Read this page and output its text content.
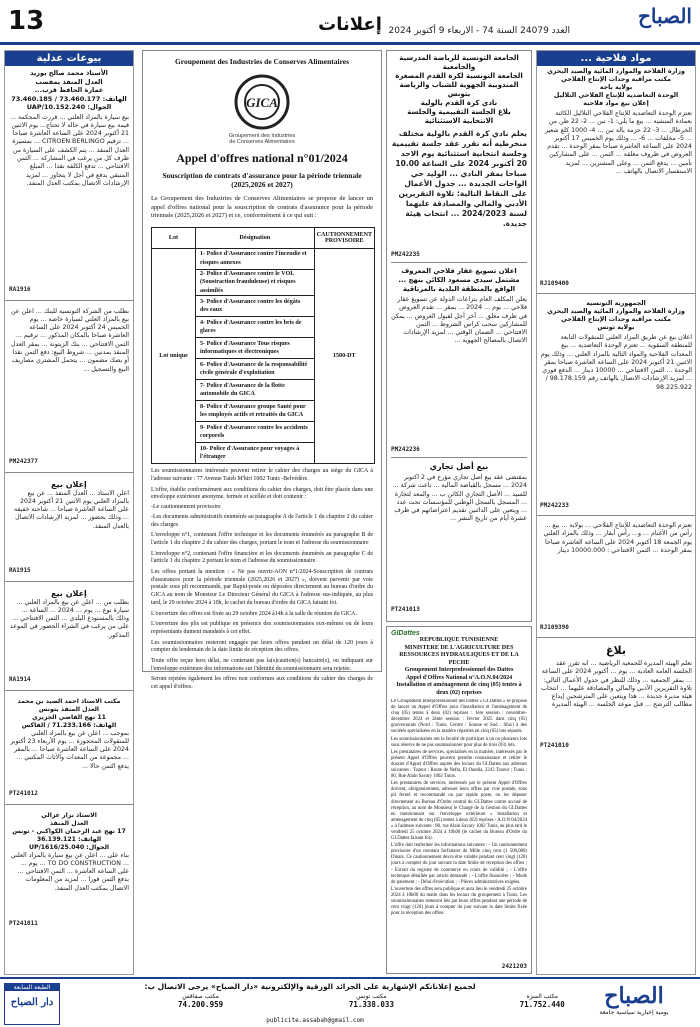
13	إعلانات العدد 24079 السنة 74 - الاربعاء 9 أكتوبر 2024
الصباح
بيوعات عدلية
الأستاذ محمد صالح بوزيد
العدل المنفذ بمقصب
عمارة الحافظ قرب...
الهاتف: 73.460.177 / 73.460.185
الجوال: 152.240.UAP/10
بيع سيارة بالمزاد العلني ... قررت المحكمة ... قيمة بيع سيارة في حالة لا تحتاج... يوم الاثنين 21 أكتوبر 2024 على الساعة العاشرة صباحا ... ترقيم CITROEN BERLINGO ... بمسيرة العدل المنفذ ... يتم الكشف على السيارة من طرف كل من يرغب في المشاركة ... الثمن الافتتاحي ... تدفع الكلفة نقدا ... المبلغ المتبقي يدفع في أجل لا يتجاوز ... لمزيد الإرشادات الاتصال بمكتب العدل المنفذ.
RA1916
بطلب من الشركة التونسية للبنك ... أعلن عن بيع بالمزاد العلني لسيارة خاصة ... يوم الخميس 24 أكتوبر 2024 على الساعة العاشرة صباحا بالمكان المذكور ... ترقيم ... الثمن الافتتاحي ... بنك الزيتونة ... بمقر العدل المنفذ بمدنين ... شروط البيع: دفع الثمن نقدا أو بصك مضمون ... يتحمل المشتري مصاريف البيع والتسجيل ...
PM242377
إعلان بيع
أعلن الأستاذ ... العدل المنفذ ... عن بيع بالمزاد العلني يوم الاثنين 21 أكتوبر 2024 على الساعة العاشرة صباحا ... شاحنة خفيفة ... وذلك بحضور ... لمزيد الإرشادات الاتصال بالعدل المنفذ.
RA1915
إعلان بيع
بطلب من ... أعلن عن بيع بالمزاد العلني ... سيارة نوع ... يوم ... 2024 ... الساعة ... وذلك بالمستودع البلدي ... الثمن الافتتاحي ... على من يرغب في الشراء الحضور في الموعد المذكور.
RA1914
مكتب الاستاذ احمد الصيد بن محمد
العدل المنفذ بتونس
11 نهج القاضي الجزيري
الهاتف: 71.233.166 / الفاكس
بموجب ... أعلن عن بيع بالمزاد العلني للمنقولات المحجوزة ... يوم الأربعاء 23 أكتوبر 2024 على الساعة العاشرة صباحا ... بالمقر ... مجموعة من المعدات والأثاث المكتبي ... يدفع الثمن حالا ...
PT241012
الاستاذ نزار عزالي
العدل المنفذ
17 نهج عبد الرحمان الكواكبي - تونس
الهاتف: 36.139.121
الجوال: 25.040/UP/1616
بناء على ... أعلن عن بيع سيارة بالمزاد العلني ... TO DO CONSTRUCTION ... يوم ... على الساعة العاشرة ... الثمن الافتتاحي ... يدفع الثمن فورا ... لمزيد من المعلومات الاتصال بمكتب العدل المنفذ.
PT241011
Groupement des Industries de Conserves Alimentaires
GICA
Groupement des Industries
de Conserves Alimentaires
Appel d'offres national n°01/2024
Souscription de contrats d'assurance pour la période triennale (2025,2026 et 2027)

Le Groupement des Industries de Conserves Alimentaires se propose de lancer un appel d'offres national pour la souscription de contrats d'assurance pour la période triennale (2025,2026 et 2027) et ce, conformément à ce qui suit :

Lot	Désignation	CAUTIONNEMENT PROVISOIRE
Lot unique	1- Police d'Assurance contre l'incendie et risques annexes	1500-DT
	2- Police d'Assurance contre le VOL (Soustraction frauduleuse) et risques assimilés	
	3- Police d'Assurance contre les dégâts des eaux	
	4- Police d'Assurance contre les bris de glaces	
	5- Police d'Assurance Tous risques informatiques et électroniques	
	6- Police d'Assurance de la responsabilité civile générale d'exploitation	
	7- Police d'Assurance de la flotte automobile du GICA	
	8- Police d'Assurance groupe Santé pour les employés actifs et retraités du GICA	
	9- Police d'Assurance contre les accidents corporels	
	10- Police d'Assurance pour voyages à l'étranger	

Les soumissionnaires intéressés peuvent retirer le cahier des charges au siège du GICA à l'adresse suivante : 77 Avenue Taieb M'hiri 1002 Tunis -Belvédère.

L'offre, établie conformément aux conditions du cahier des charges, doit être placée dans une enveloppe extérieure anonyme, fermée et scellée et doit contenir :

-Le cautionnement provisoire

-Les documents administratifs énumérés au paragraphe A de l'article 1 du chapitre 2 du cahier des charges

L'enveloppe n°1, contenant l'offre technique et les documents énumérés au paragraphe B de l'article 1 du chapitre 2 du cahier des charges, portant le nom et l'adresse du soumissionnaire

L'enveloppe n°2, contenant l'offre financière et les documents énumérés au paragraphe C de l'article 1 du chapitre 2 portant le nom et l'adresse du soumissionnaire.

Les offres portant la mention : « Ne pas ouvrir-AON n°1/2024-Souscription de contrats d'assurances pour la période triennale (2025,2026 et 2027) », doivent parvenir par voie postale sous pli recommandé, par Rapid-poste ou déposées directement au bureau d'ordre du GICA au nom de Monsieur Le Directeur Général du GICA à l'adresse sus-indiquée, au plus tard, le 29 octobre 2024 à 10h, le cachet du bureau d'ordre du GICA faisant foi.

L'ouverture des offres est fixée au 29 octobre 2024 à14h à la salle de réunion du GICA.

L'ouverture des plis est publique en présence des soumissionnaires eux-mêmes ou de leurs représentants dument mandatés à cet effet.

Les soumissionnaires resteront engagés par leurs offres pendant un délai de 120 jours à compter du lendemain de la date limite de réception des offres.

Toute offre reçue hors délai, ne contenant pas la(s)caution(s) bancaire(s), ou indiquant sur l'enveloppe extérieure des informations sur l'identité du soumissionnaire sera rejetée.

Seront rejetées également les offres non conformes aux conditions du cahier des charges de cet appel d'offres.

الجامعة التونسية للرياضة المدرسية والجامعية
الجامعة التونسية لكرة القدم المصغرة
المندوبية الجهوية للشباب والرياضة بتونس
نادي كرة القدم بالولية
بلاغ الجلسة التقييمية والجلسة الانتخابية الاستثنائية
يعلم نادي كرة القدم بالولية مختلف منخرطيه أنه تقرر عقد جلسة تقييمية وجلسة انتخابية استثنائية يوم الاحد 20 أكتوبر 2024 على الساعة 10.00 صباحا بمقر النادي ... الوليد حي الواحات الجديدة ... جدول الأعمال على النقاط التالية: تلاوة التقريرين الأدبي والمالي والمصادقة عليهما لسنة 2024/2023 ... انتخاب هيئة جديدة.
PM242235
اعلان تسويغ عقار فلاحي المعروف مشتمل سيدي مسعود الكائن بنهج ... الواقع بالمنطقة البلدية بالمرناقية
يعلن المكلف العام بنزاعات الدولة عن تسويغ عقار فلاحي ... يوم ... 2024 ... بمقر ... تقدم العروض في ظرف مغلق ... آخر أجل لقبول العروض ... يمكن للمشاركين سحب كراس الشروط ... الثمن الافتتاحي ... الضمان الوقتي ... لمزيد الإرشادات الاتصال بالمصالح الجهوية ...
PM242236
بيع أصل تجاري
بمقتضى عقد بيع أصل تجاري مؤرخ في 2 أكتوبر 2024 ... مسجل بالقباضة المالية ... باعت شركة ... للسيد ... الأصل التجاري الكائن ب ... والمعد لتجارة ... المسجل بالسجل الوطني للمؤسسات تحت عدد ... ويتعين على الدائنين تقديم اعتراضاتهم في ظرف عشرة أيام من تاريخ النشر ...
PT241013
GIDattes
REPUBLIQUE TUNISIENNE
MINISTERE DE L'AGRICULTURE DES RESSOURCES HYDRAULIQUES ET DE LA PECHE
Groupement Interprofessionnel des Dattes
Appel d'Offres National n°A.O.N.04/2024
Installation et aménagement de cinq (05) tentes à deux (02) reprises

Le Groupement Interprofessionnel des Dattes « GI.Dattes » se propose de lancer un Appel d'Offres pour l'installation et l'aménagement de cinq (05) tentes à deux (02) reprises : 1ère session : novembre-décembre 2024 et 2ème session : février 2025 dans cinq (05) gouvernorats (Nord : Tunis, Centre : Sousse et Sud : Sfax) à des sociétés spécialisées en la matière réparties en cinq (05) lots séparés.

Les soumissionnaires ont la faculté de participer à un ou plusieurs lots sous réserve de ne pas soumissionner pour plus de trois (03) lots.

Les prestataires de services, spécialisés en la matière, intéressés par le présent Appel d'Offres peuvent prendre connaissance et retirer le dossier d'Appel d'Offres auprès des locaux du GI.Dattes aux adresses suivantes : Tozeur : Route de Nefta, El Ouedia, 2243 Tozeur ; Tunis : 80, Rue Alain Savary 1002 Tunis.

Les prestataires de services, intéressés par le présent Appel d'Offres doivent, obligatoirement, adresser leurs offres par voie postale, sous pli fermé et recommandé ou par rapide poste, ou les déposer directement au Bureau d'Ordre central du GI.Dattes contre accusé de réception, au nom de Monsieur le Chargé de la Gestion du GI.Dattes en mentionnant sur l'enveloppe extérieure « Installation et aménagement de cinq (05) tentes à deux (02) reprises - A.O.N 04/2024 » à l'adresse suivante : 80, rue Alain Savary 1002 Tunis, au plus tard le vendredi 25 octobre 2024 à 10h00 (le cachet du Bureau d'Ordre du GI.Dattes faisant foi).

L'offre doit renfermer les informations suivantes : - Un cautionnement provisoire d'un montant forfaitaire de Mille cinq cent (1 500,000) Dinars. Ce cautionnement devra être valable pendant cent vingt (120) jours à compter du jour suivant la date limite de réception des offres ; - Extrait du registre de commerce en cours de validité ; - L'offre technique détaillée par article demandé ; - L'offre financière ; - Mode de paiement ; - Délai d'exécution ; - Pièces administratives exigées.

L'ouverture des offres sera publique et aura lieu le vendredi 25 octobre 2024 à 10h00 du matin dans les locaux du groupement à Tunis. Les soumissionnaires resteront liés par leurs offres pendant une période de cent vingt (120) jours à compter du jour suivant la date limite fixée pour la réception des offres.

2421203
... مواد فلاحية
وزارة الفلاحة والموارد المائية والصيد البحري
مكتب مراقبة وحدات الإنتاج الفلاحي
بولاية باجة
الوحدة التعاضدية للإنتاج الفلاحي التلاليل
إعلان بيع مواد فلاحية
تعتزم الوحدة التعاضدية للإنتاج الفلاحي التلاليل الكائنة بعمادة المنشية ... بيع ما يلي: 1- تبن ... 2- 22 طن من الخرطال ... 3- 22 حزمة بالة تبن ... 4- 1000 كلغ شعير ... 5- مخلفات ... 6- ... وذلك يوم الخميس 17 أكتوبر 2024 على الساعة العاشرة صباحا بمقر الوحدة ... تقدم العروض في ظروف مغلقة ... الثمن ... على المشاركين تأمين ... يدفع الثمن ... وعلى المشترين ... لمزيد الاستفسار الاتصال بالهاتف ...
RJ109400
الجمهورية التونسية
وزارة الفلاحة والموارد المائية والصيد البحري
مكتب مراقبة وحدات الإنتاج الفلاحي
بولاية تونس
اعلان بيع عن طريق المزاد العلني للمنقولات التابعة للمنطقة السقوية ... تعتزم الوحدة التعاضدية ... بيع المعدات الفلاحية والمواد التالية بالمزاد العلني ... وذلك يوم الاثنين 21 أكتوبر 2024 على الساعة العاشرة صباحا بمقر الوحدة ... الثمن الافتتاحي ... 10000 دينار ... الدفع فوري ... لمزيد الإرشادات الاتصال بالهاتف رقم 98.178.159 / 98.225.922
PM242233
تعتزم الوحدة التعاضدية للإنتاج الفلاحي ... بولاية ... بيع ... رأس من الأغنام ... و... رأس أبقار ... وذلك بالمزاد العلني يوم الجمعة 18 أكتوبر 2024 على الساعة العاشرة صباحا بمقر الوحدة ... الثمن الافتتاحي : 10000.000 دينار
RJ109390
بلاغ
تعلم الهيئة المديرة للجمعية الرياضية ... أنه تقرر عقد الجلسة العامة العادية ... يوم ... أكتوبر 2024 على الساعة ... بمقر الجمعية ... وذلك للنظر في جدول الأعمال التالي: تلاوة التقريرين الأدبي والمالي والمصادقة عليهما ... انتخاب هيئة مديرة جديدة ... هذا ويتعين على المترشحين إيداع مطالب الترشح ... قبل موعد الجلسة ... الهيئة المديرة
PT241010
الطبعة السابعة
دار الصباح
لجميع إعلاناتكم الإشهارية على الجرائد الورقية والإلكترونية «دار الصباح» يرجى الاتصال ب:
مكتب المنزه
71.752.440
مكتب تونس
71.338.033
مكتب صفاقس
74.200.959
publicite.assabah@gmail.com
الصباح
يومية إخبارية سياسية جامعة
